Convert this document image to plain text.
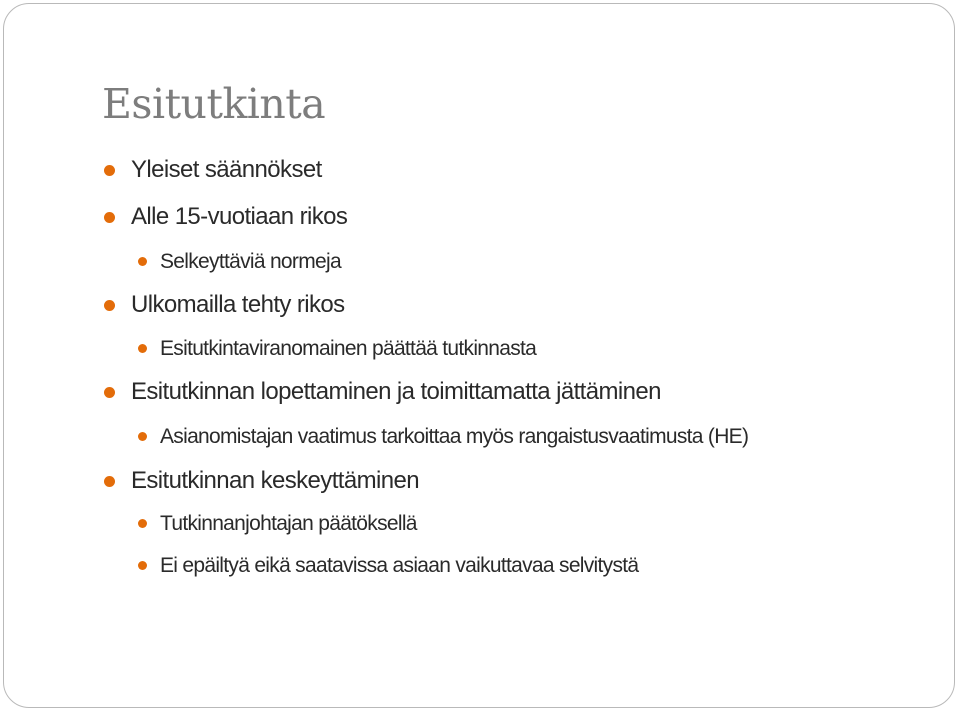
Esitutkinta
Yleiset säännökset
Alle 15-vuotiaan rikos
Selkeyttäviä normeja
Ulkomailla tehty rikos
Esitutkintaviranomainen päättää tutkinnasta
Esitutkinnan lopettaminen ja toimittamatta jättäminen
Asianomistajan vaatimus tarkoittaa myös rangaistusvaatimusta (HE)
Esitutkinnan keskeyttäminen
Tutkinnanjohtajan päätöksellä
Ei epäiltyä eikä saatavissa asiaan vaikuttavaa selvitystä
